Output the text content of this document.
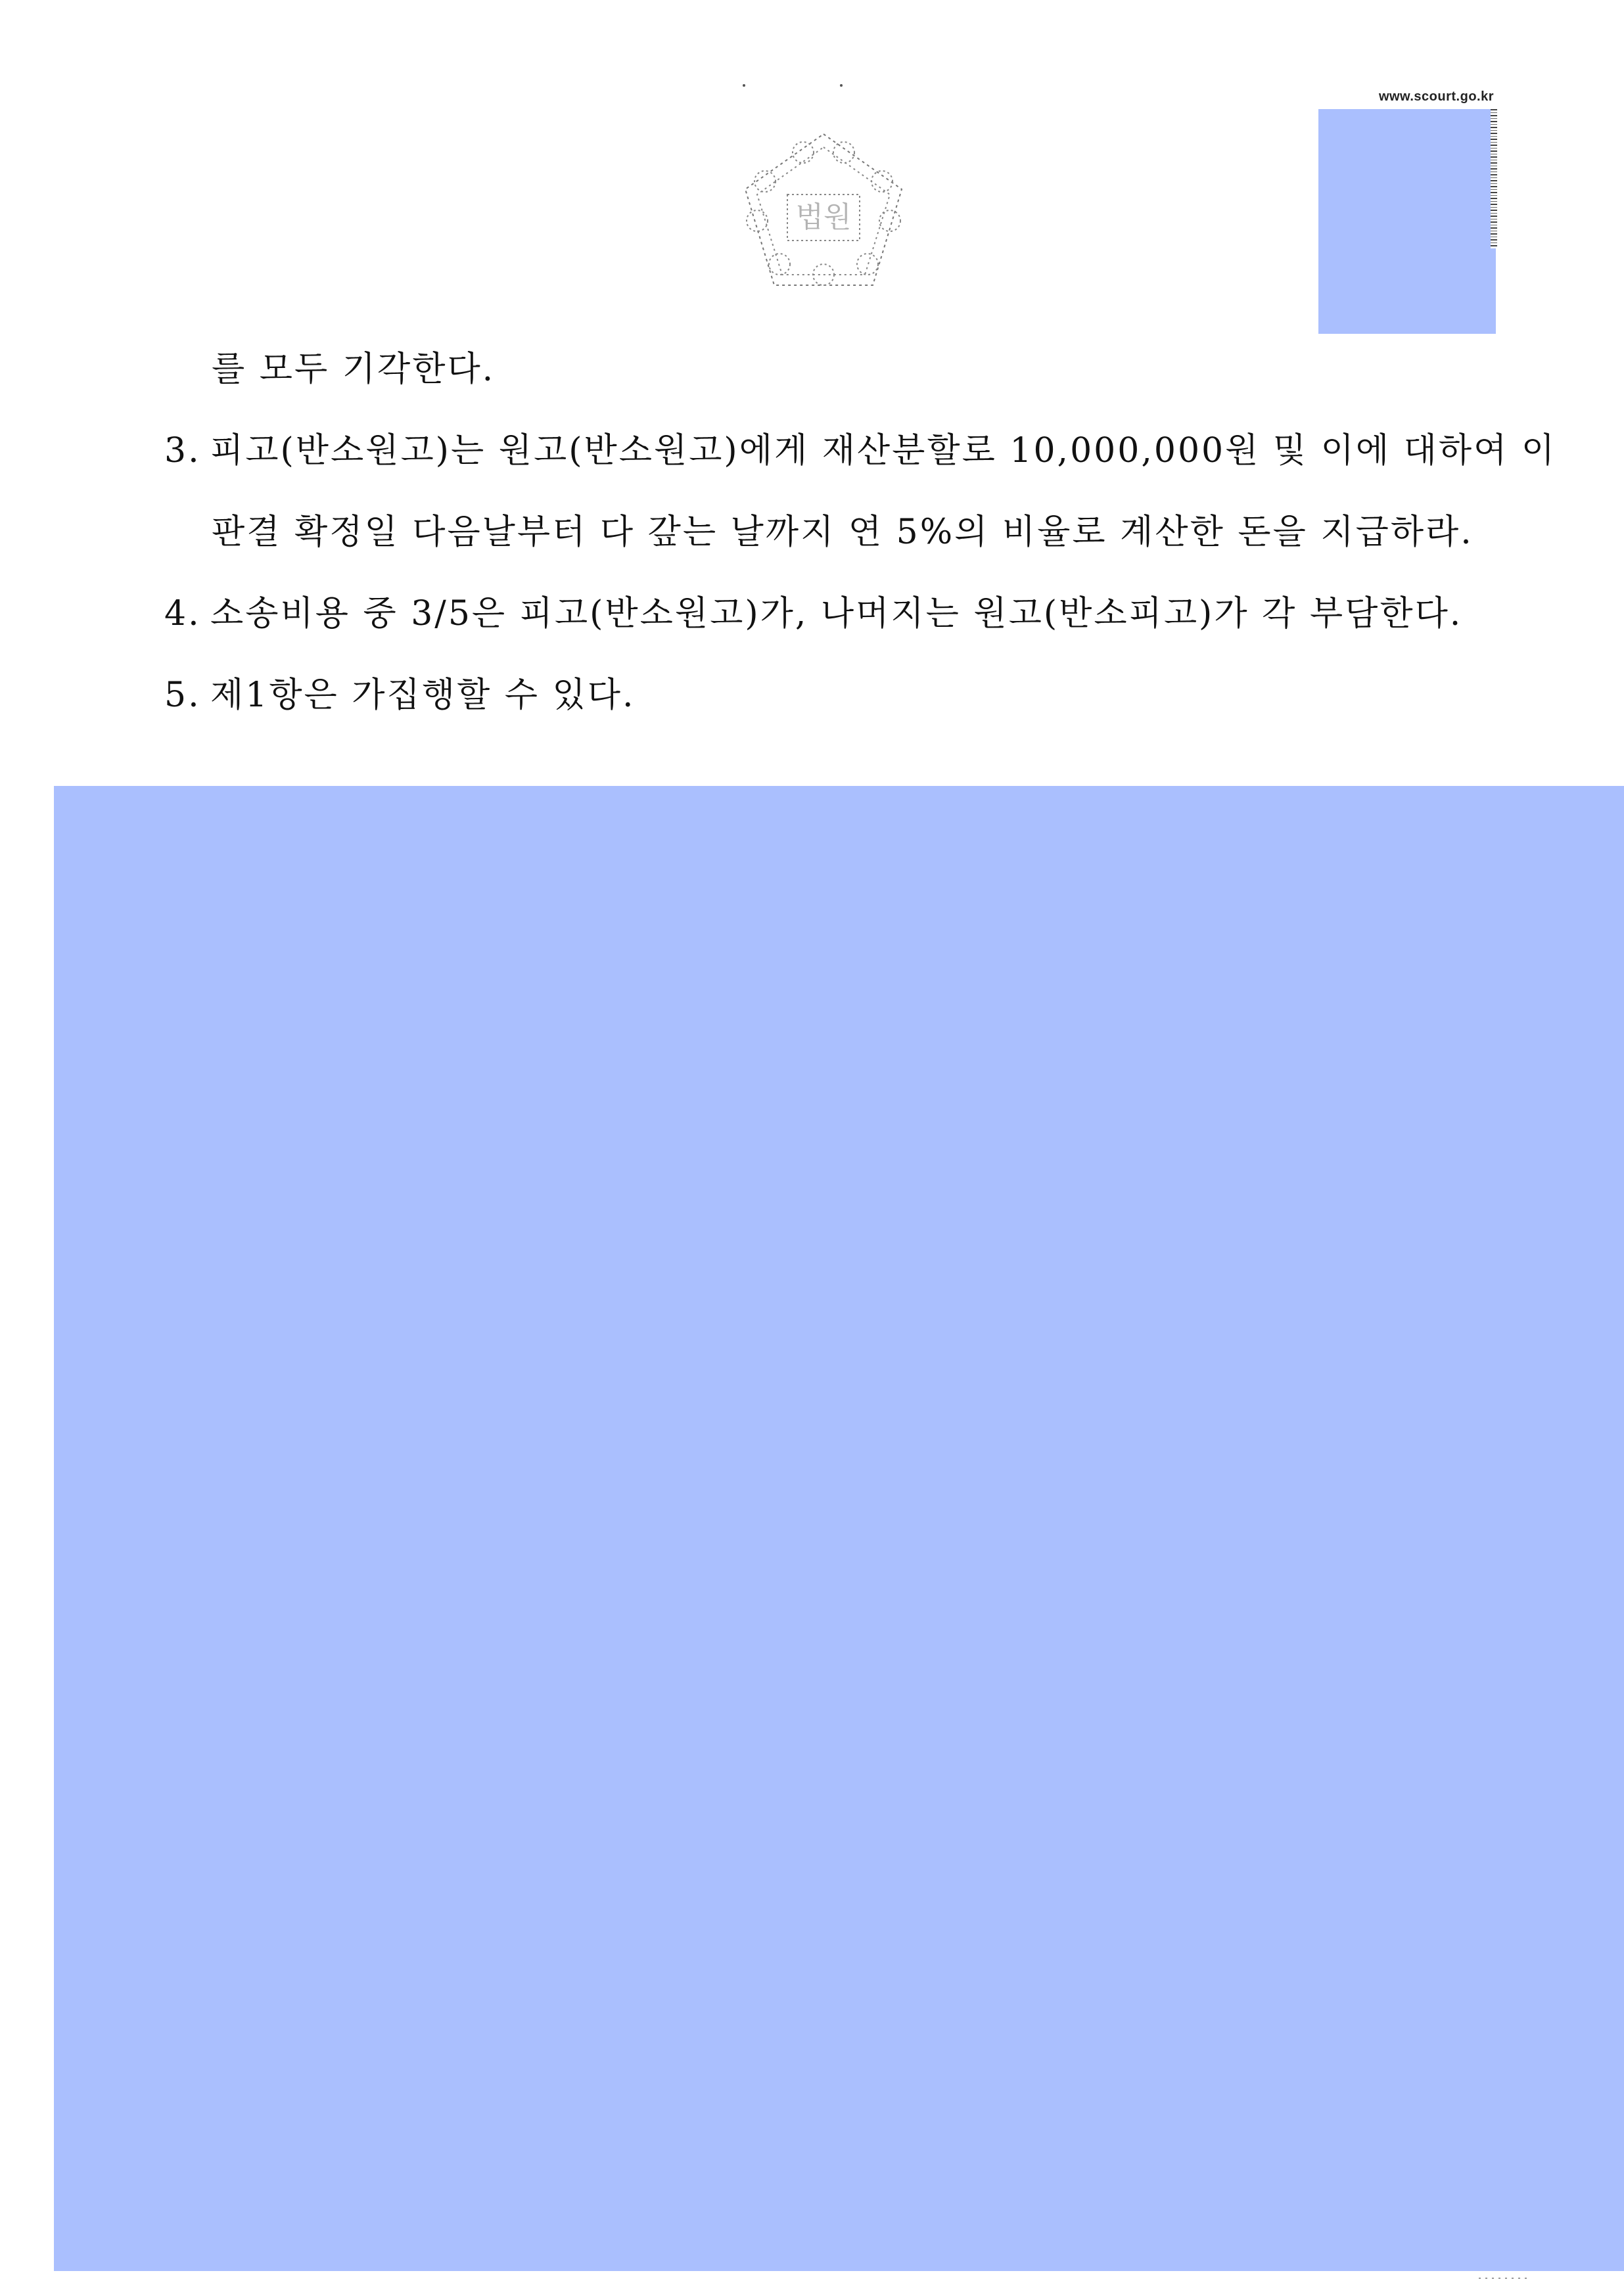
www.scourt.go.kr
법원
를 모두 기각한다.
3. 피고(반소원고)는 원고(반소원고)에게 재산분할로 10,000,000원 및 이에 대하여 이
판결 확정일 다음날부터 다 갚는 날까지 연 5%의 비율로 계산한 돈을 지급하라.
4. 소송비용 중 3/5은 피고(반소원고)가, 나머지는 원고(반소피고)가 각 부담한다.
5. 제1항은 가집행할 수 있다.
